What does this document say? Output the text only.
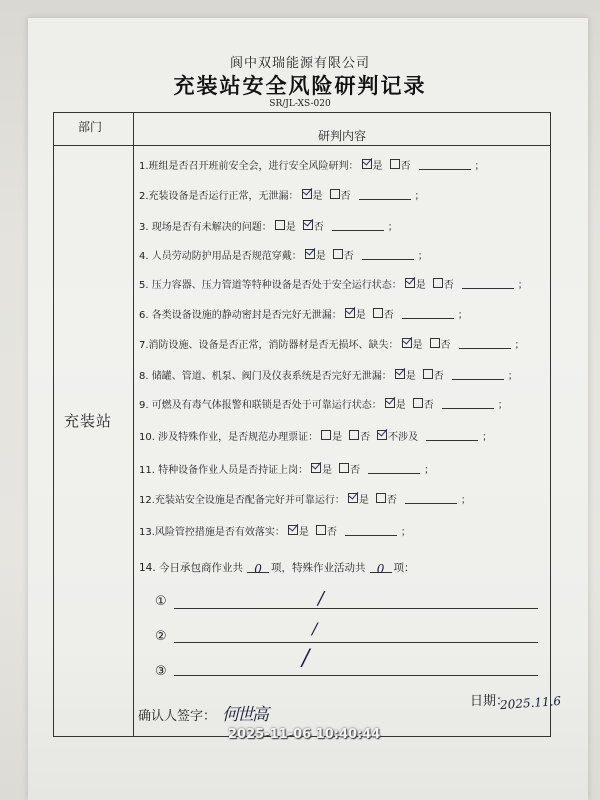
阆中双瑞能源有限公司
充装站安全风险研判记录
SR/JL-XS-020
部门
研判内容
充装站
1.班组是否召开班前安全会，进行安全风险研判： 是 否	；
2.充装设备是否运行正常，无泄漏： 是 否	；
3. 现场是否有未解决的问题： 是 否	；
4. 人员劳动防护用品是否规范穿戴： 是 否	；
5. 压力容器、压力管道等特种设备是否处于安全运行状态： 是 否	；
6. 各类设备设施的静动密封是否完好无泄漏： 是 否	；
7.消防设施、设备是否正常，消防器材是否无损坏、缺失： 是 否	；
8. 储罐、管道、机泵、阀门及仪表系统是否完好无泄漏： 是 否	；
9. 可燃及有毒气体报警和联锁是否处于可靠运行状态： 是 否	；
10. 涉及特殊作业，是否规范办理票证： 是 否 不涉及	；
11. 特种设备作业人员是否持证上岗： 是 否	；
12.充装站安全设施是否配备完好并可靠运行： 是 否	；
13.风险管控措施是否有效落实： 是 否	；
14. 今日承包商作业共 0 项，特殊作业活动共 0 项：
①	/
②	/
③
/
确认人签字： 何世高
日期：
2025.11.6
2025-11-06 10:40:44
